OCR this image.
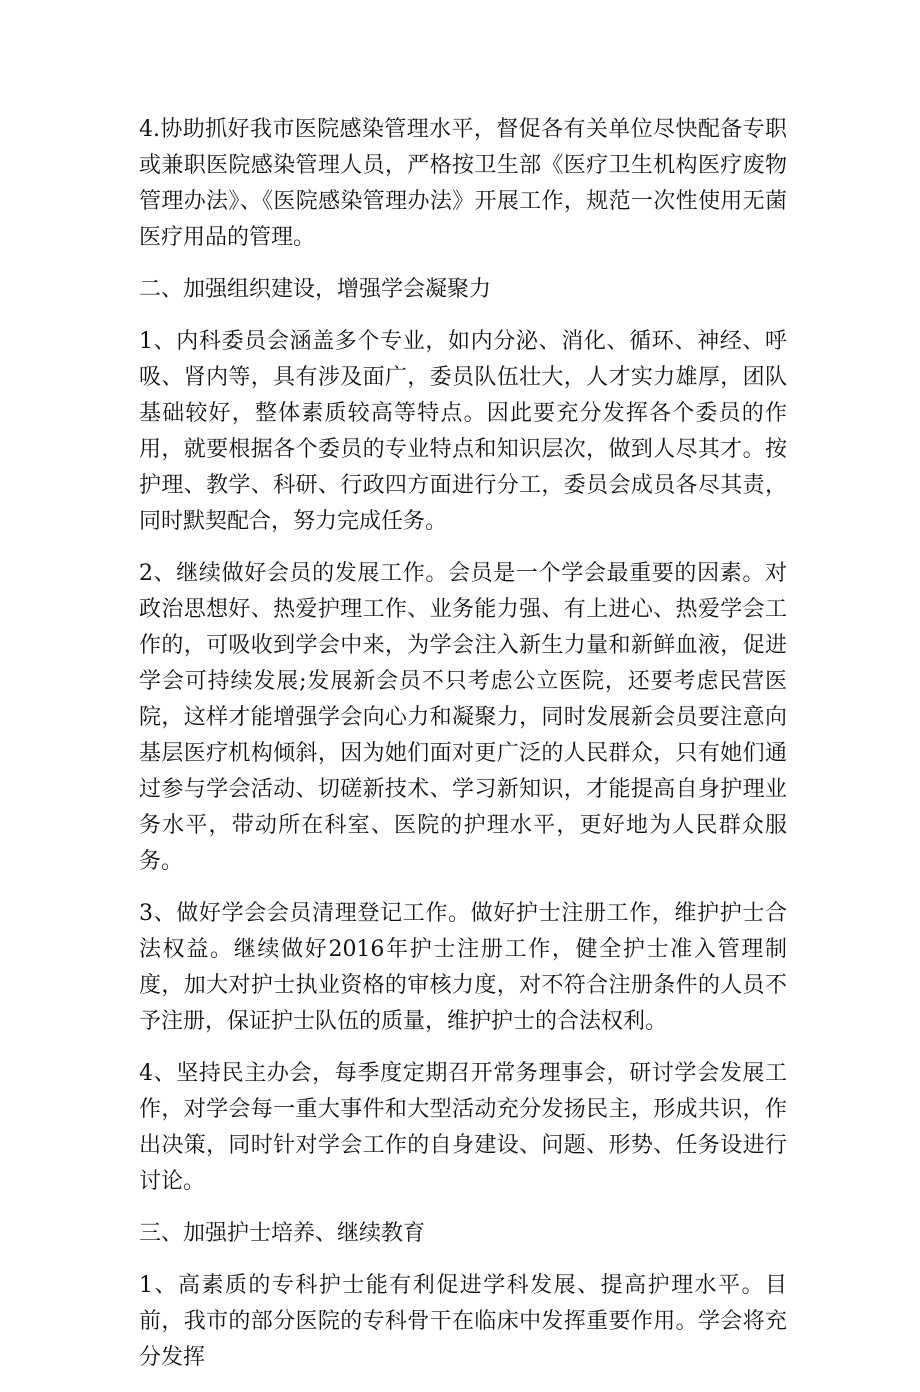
4.协助抓好我市医院感染管理水平，督促各有关单位尽快配备专职或兼职医院感染管理人员，严格按卫生部《医疗卫生机构医疗废物管理办法》、《医院感染管理办法》开展工作，规范一次性使用无菌医疗用品的管理。

二、加强组织建设，增强学会凝聚力

1、内科委员会涵盖多个专业，如内分泌、消化、循环、神经、呼吸、肾内等，具有涉及面广，委员队伍壮大，人才实力雄厚，团队基础较好，整体素质较高等特点。因此要充分发挥各个委员的作用，就要根据各个委员的专业特点和知识层次，做到人尽其才。按护理、教学、科研、行政四方面进行分工，委员会成员各尽其责，同时默契配合，努力完成任务。

2、继续做好会员的发展工作。会员是一个学会最重要的因素。对政治思想好、热爱护理工作、业务能力强、有上进心、热爱学会工作的，可吸收到学会中来，为学会注入新生力量和新鲜血液，促进学会可持续发展;发展新会员不只考虑公立医院，还要考虑民营医院，这样才能增强学会向心力和凝聚力，同时发展新会员要注意向基层医疗机构倾斜，因为她们面对更广泛的人民群众，只有她们通过参与学会活动、切磋新技术、学习新知识，才能提高自身护理业务水平，带动所在科室、医院的护理水平，更好地为人民群众服务。

3、做好学会会员清理登记工作。做好护士注册工作，维护护士合法权益。继续做好2016年护士注册工作，健全护士准入管理制度，加大对护士执业资格的审核力度，对不符合注册条件的人员不予注册，保证护士队伍的质量，维护护士的合法权利。

4、坚持民主办会，每季度定期召开常务理事会，研讨学会发展工作，对学会每一重大事件和大型活动充分发扬民主，形成共识，作出决策，同时针对学会工作的自身建设、问题、形势、任务设进行讨论。

三、加强护士培养、继续教育

1、高素质的专科护士能有利促进学科发展、提高护理水平。目前，我市的部分医院的专科骨干在临床中发挥重要作用。学会将充分发挥
